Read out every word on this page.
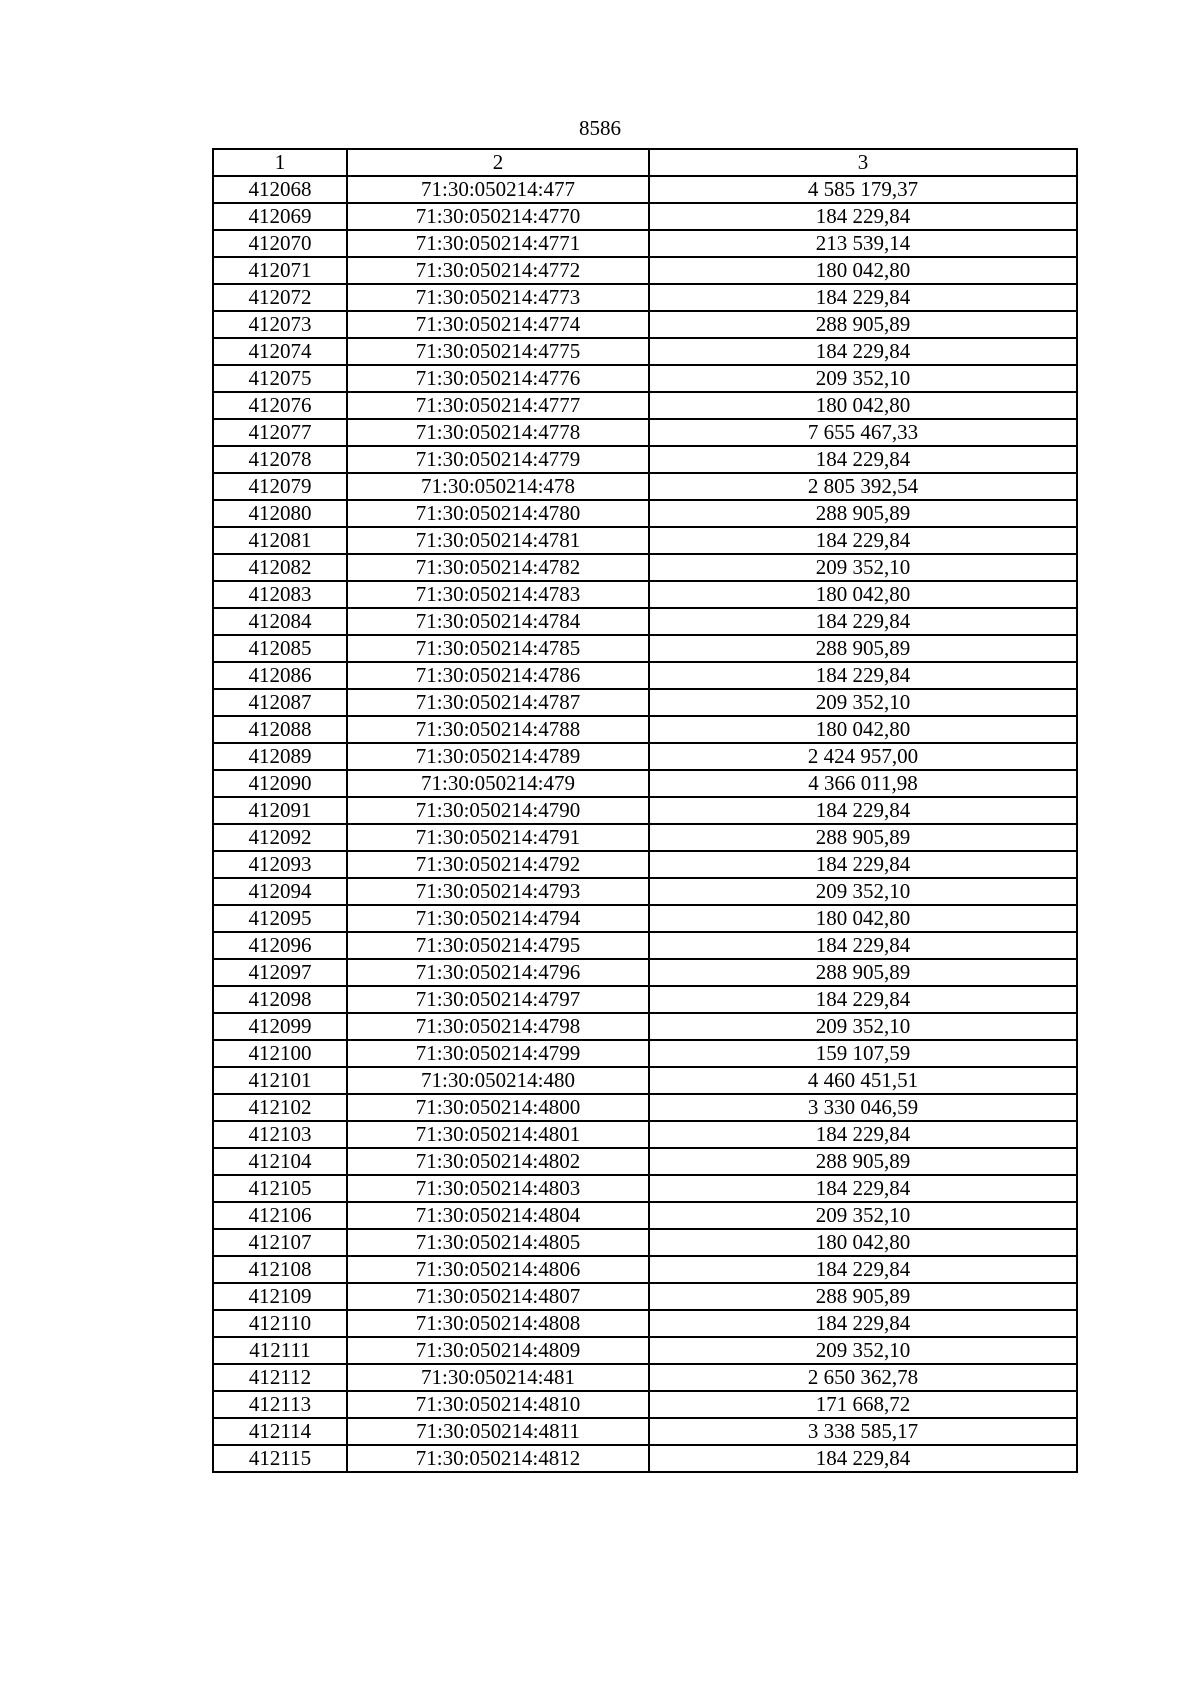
8586
1	2	3
412068	71:30:050214:477	4 585 179,37
412069	71:30:050214:4770	184 229,84
412070	71:30:050214:4771	213 539,14
412071	71:30:050214:4772	180 042,80
412072	71:30:050214:4773	184 229,84
412073	71:30:050214:4774	288 905,89
412074	71:30:050214:4775	184 229,84
412075	71:30:050214:4776	209 352,10
412076	71:30:050214:4777	180 042,80
412077	71:30:050214:4778	7 655 467,33
412078	71:30:050214:4779	184 229,84
412079	71:30:050214:478	2 805 392,54
412080	71:30:050214:4780	288 905,89
412081	71:30:050214:4781	184 229,84
412082	71:30:050214:4782	209 352,10
412083	71:30:050214:4783	180 042,80
412084	71:30:050214:4784	184 229,84
412085	71:30:050214:4785	288 905,89
412086	71:30:050214:4786	184 229,84
412087	71:30:050214:4787	209 352,10
412088	71:30:050214:4788	180 042,80
412089	71:30:050214:4789	2 424 957,00
412090	71:30:050214:479	4 366 011,98
412091	71:30:050214:4790	184 229,84
412092	71:30:050214:4791	288 905,89
412093	71:30:050214:4792	184 229,84
412094	71:30:050214:4793	209 352,10
412095	71:30:050214:4794	180 042,80
412096	71:30:050214:4795	184 229,84
412097	71:30:050214:4796	288 905,89
412098	71:30:050214:4797	184 229,84
412099	71:30:050214:4798	209 352,10
412100	71:30:050214:4799	159 107,59
412101	71:30:050214:480	4 460 451,51
412102	71:30:050214:4800	3 330 046,59
412103	71:30:050214:4801	184 229,84
412104	71:30:050214:4802	288 905,89
412105	71:30:050214:4803	184 229,84
412106	71:30:050214:4804	209 352,10
412107	71:30:050214:4805	180 042,80
412108	71:30:050214:4806	184 229,84
412109	71:30:050214:4807	288 905,89
412110	71:30:050214:4808	184 229,84
412111	71:30:050214:4809	209 352,10
412112	71:30:050214:481	2 650 362,78
412113	71:30:050214:4810	171 668,72
412114	71:30:050214:4811	3 338 585,17
412115	71:30:050214:4812	184 229,84
